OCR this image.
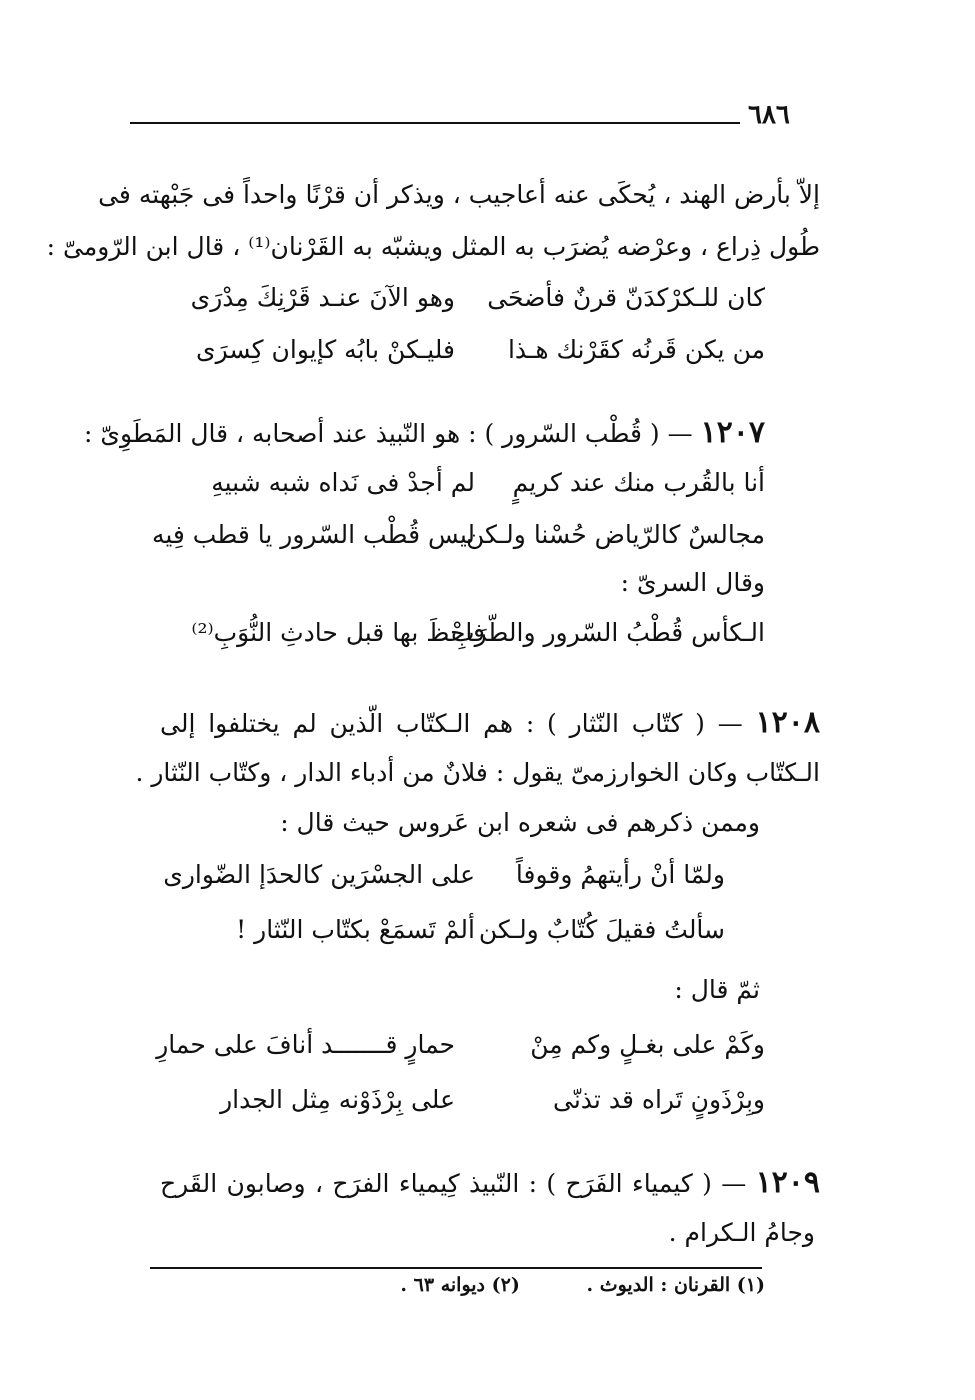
٦٨٦
إلاّ بأرض الهند ، يُحكَى عنه أعاجيب ، ويذكر أن قرْنًا واحداً فى جَبْهته فى
طُول ذِراع ، وعرْضه يُضرَب به المثل ويشبّه به القَرْنان⁽¹⁾ ، قال ابن الرّومىّ :
كان للـكرْكدَنّ قرنٌ فأضحَى
وهو الآنَ عنـد قَرْنِكَ مِدْرَى
من يكن قَرنُه كقَرْنك هـذا
فليـكنْ بابُه كإيوان كِسرَى
١٢٠٧ — ( قُطْب السّرور ) : هو النّبيذ عند أصحابه ، قال المَطَوِىّ :
أنا بالقُرب منك عند كريمٍ
لم أجدْ فى نَداه شبه شبيهِ
مجالسٌ كالرّياض حُسْنا ولـكن
ليس قُطْب السّرور يا قطب فِيه
وقال السرىّ :
الـكأس قُطْبُ السّرور والطّرَبِ
فاحْظَ بها قبل حادثِ النُّوَبِ⁽²⁾
١٢٠٨ — ( كتّاب النّثار ) : هم الـكتّاب الّذين لم يختلفوا إلى
الـكتّاب وكان الخوارزمىّ يقول : فلانٌ من أدباء الدار ، وكتّاب النّثار .
وممن ذكرهم فى شعره ابن عَروس حيث قال :
ولمّا أنْ رأيتهمُ وقوفاً
على الجسْرَين كالحدَإ الضّوارى
سألتُ فقيلَ كُتّابٌ ولـكن
ألمْ تَسمَعْ بكتّاب النّثار !
ثمّ قال :
وكَمْ على بغـلٍ وكم مِنْ
حمارٍ قـــــــد أنافَ على حمارِ
وبِرْذَونٍ تَراه قد تذنّى
على بِرْذَوْنه مِثل الجدار
١٢٠٩ — ( كيمياء الفَرَح ) : النّبيذ كِيمياء الفرَح ، وصابون القَرح
وجامُ الـكرام .
(١) القرنان : الديوث . (٢) ديوانه ٦٣ .
